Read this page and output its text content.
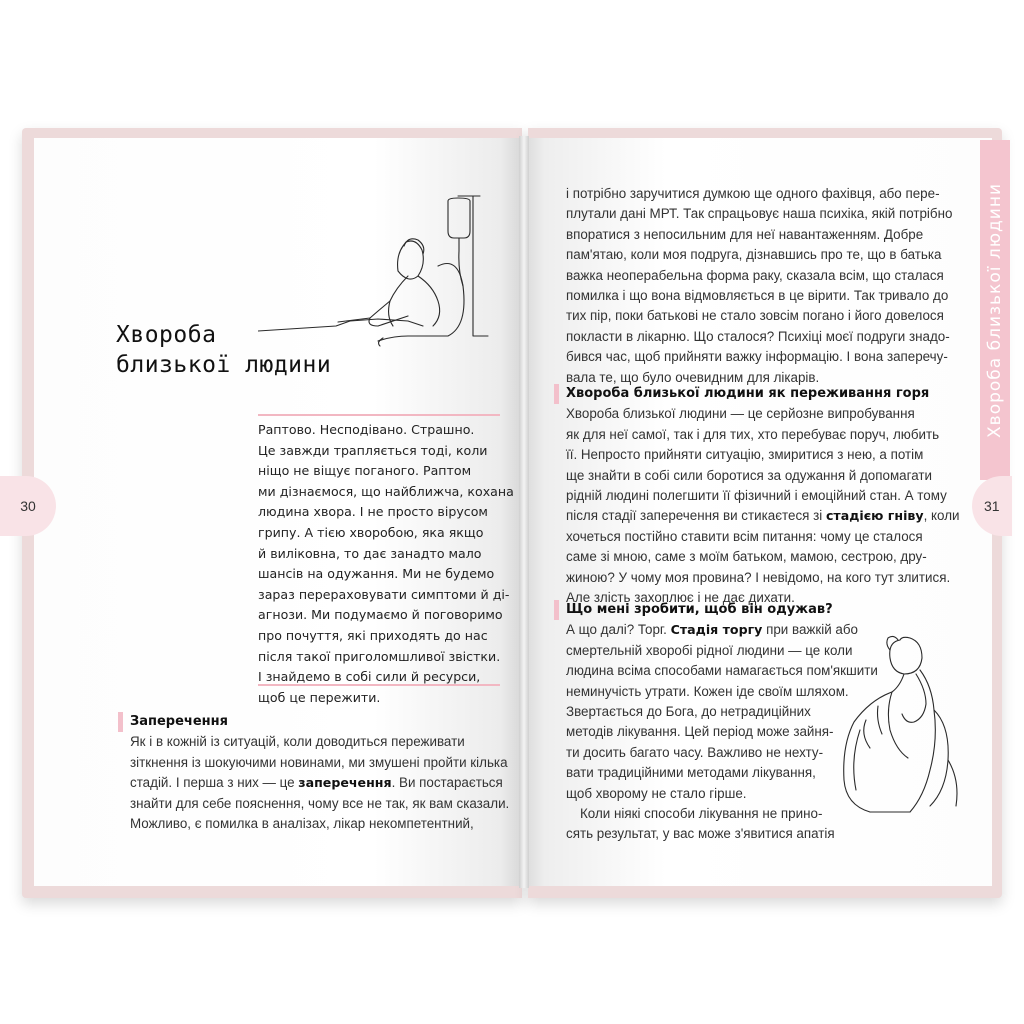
Хвороба близької людини
30	31
Хвороба
близької людини
Раптово. Несподівано. Страшно.
Це завжди трапляється тоді, коли
ніщо не віщує поганого. Раптом
ми дізнаємося, що найближча, кохана
людина хвора. І не просто вірусом
грипу. А тією хворобою, яка якщо
й виліковна, то дає занадто мало
шансів на одужання. Ми не будемо
зараз перераховувати симптоми й ді-
агнози. Ми подумаємо й поговоримо
про почуття, які приходять до нас
після такої приголомшливої звістки.
І знайдемо в собі сили й ресурси,
щоб це пережити.
Заперечення
Як і в кожній із ситуацій, коли доводиться переживати
зіткнення із шокуючими новинами, ми змушені пройти кілька
стадій. І перша з них — це заперечення. Ви постарається
знайти для себе пояснення, чому все не так, як вам сказали.
Можливо, є помилка в аналізах, лікар некомпетентний,
і потрібно заручитися думкою ще одного фахівця, або пере-
плутали дані МРТ. Так спрацьовує наша психіка, якій потрібно
впоратися з непосильним для неї навантаженням. Добре
пам'ятаю, коли моя подруга, дізнавшись про те, що в батька
важка неоперабельна форма раку, сказала всім, що сталася
помилка і що вона відмовляється в це вірити. Так тривало до
тих пір, поки батькові не стало зовсім погано і його довелося
покласти в лікарню. Що сталося? Психіці моєї подруги знадо-
бився час, щоб прийняти важку інформацію. І вона заперечу-
вала те, що було очевидним для лікарів.
Хвороба близької людини як переживання горя
Хвороба близької людини — це серйозне випробування
як для неї самої, так і для тих, хто перебуває поруч, любить
її. Непросто прийняти ситуацію, змиритися з нею, а потім
ще знайти в собі сили боротися за одужання й допомагати
рідній людині полегшити її фізичний і емоційний стан. А тому
після стадії заперечення ви стикаєтеся зі стадією гніву, коли
хочеться постійно ставити всім питання: чому це сталося
саме зі мною, саме з моїм батьком, мамою, сестрою, дру-
жиною? У чому моя провина? І невідомо, на кого тут злитися.
Але злість захоплює і не дає дихати.
Що мені зробити, щоб він одужав?
А що далі? Торг. Стадія торгу при важкій або
смертельній хворобі рідної людини — це коли
людина всіма способами намагається пом'якшити
неминучість утрати. Кожен іде своїм шляхом.
Звертається до Бога, до нетрадиційних
методів лікування. Цей період може зайня-
ти досить багато часу. Важливо не нехту-
вати традиційними методами лікування,
щоб хворому не стало гірше.
Коли ніякі способи лікування не прино-
сять результат, у вас може з'явитися апатія
